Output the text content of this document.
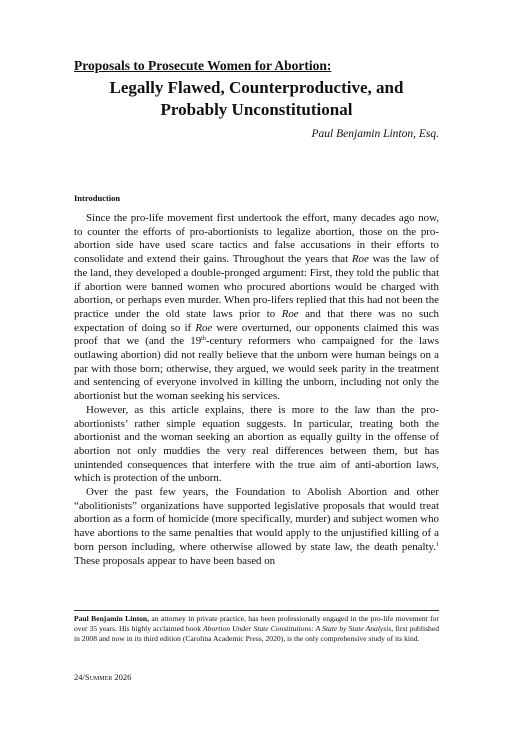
Proposals to Prosecute Women for Abortion:
Legally Flawed, Counterproductive, and
Probably Unconstitutional
Paul Benjamin Linton, Esq.
Introduction

Since the pro-life movement first undertook the effort, many decades ago now, to counter the efforts of pro-abortionists to legalize abortion, those on the pro-abortion side have used scare tactics and false accusations in their efforts to consolidate and extend their gains. Throughout the years that Roe was the law of the land, they developed a double-pronged argument: First, they told the public that if abortion were banned women who procured abortions would be charged with abortion, or perhaps even murder. When pro-lifers replied that this had not been the practice under the old state laws prior to Roe and that there was no such expectation of doing so if Roe were overturned, our opponents claimed this was proof that we (and the 19th-century reformers who campaigned for the laws outlawing abortion) did not really believe that the unborn were human beings on a par with those born; otherwise, they argued, we would seek parity in the treatment and sentencing of everyone involved in killing the unborn, including not only the abortionist but the woman seeking his services.

However, as this article explains, there is more to the law than the pro-abortionists’ rather simple equation suggests. In particular, treating both the abortionist and the woman seeking an abortion as equally guilty in the offense of abortion not only muddies the very real differences between them, but has unintended consequences that interfere with the true aim of anti-abortion laws, which is protection of the unborn.

Over the past few years, the Foundation to Abolish Abortion and other “abolitionists” organizations have supported legislative proposals that would treat abortion as a form of homicide (more specifically, murder) and subject women who have abortions to the same penalties that would apply to the unjustified killing of a born person including, where otherwise allowed by state law, the death penalty.$^1$ These proposals appear to have been based on

Paul Benjamin Linton, an attorney in private practice, has been professionally engaged in the pro-life movement for over 35 years. His highly acclaimed book Abortion Under State Constitutions: A State by State Analysis, first published in 2008 and now in its third edition (Carolina Academic Press, 2020), is the only comprehensive study of its kind.
24/Summer 2026
